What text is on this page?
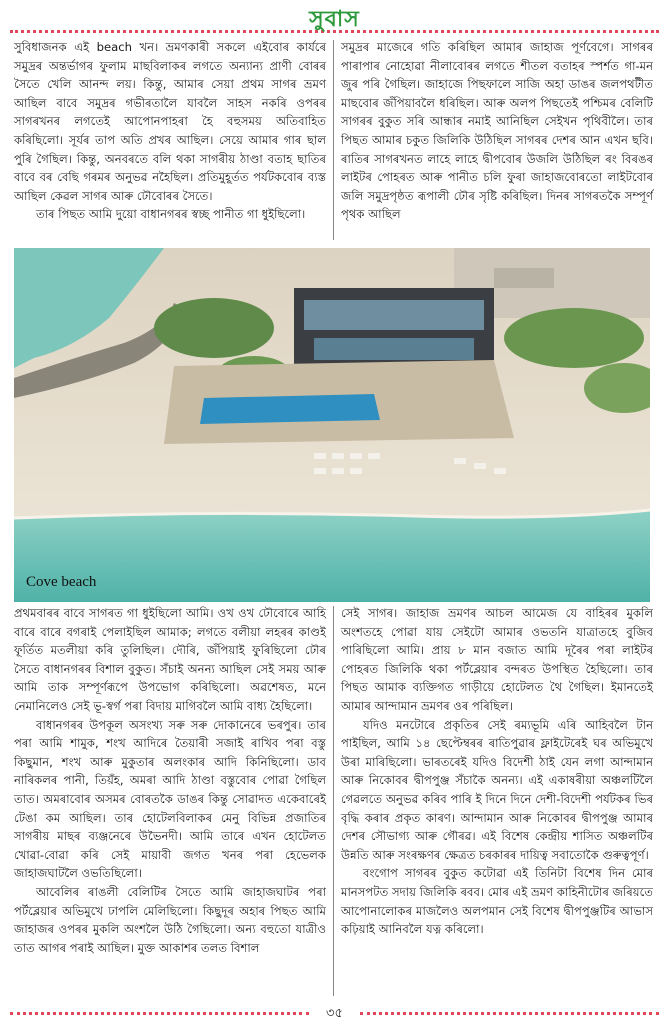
সুবাস

সুবিধাজনক এই beach খন। ভ্ৰমণকাৰী সকলে এইবোৰ কাৰ্যৰে সমুদ্ৰৰ অন্তৰ্ভাগৰ ফুলাম মাছবিলাকৰ লগতে অন্যান্য প্ৰাণী বোৰৰ সৈতে খেলি আনন্দ লয়। কিন্তু, আমাৰ সেয়া প্ৰথম সাগৰ ভ্ৰমণ আছিল বাবে সমুদ্ৰৰ গভীৰতালৈ যাবলৈ সাহস নকৰি ওপৰৰ সাগৰখনৰ লগতেই আপোনপাহৰা হৈ বহুসময় অতিবাহিত কৰিছিলো। সূৰ্যৰ তাপ অতি প্ৰখৰ আছিল। সেয়ে আমাৰ গাৰ ছাল পুৰি গৈছিল। কিন্তু, অনবৰতে বলি থকা সাগৰীয় ঠাণ্ডা বতাহ ছাতিৰ বাবে বৰ বেছি গৰমৰ অনুভৱ নহৈছিল। প্ৰতিমুহূৰ্তত পৰ্যটকবোৰ ব্যস্ত আছিল কেৱল সাগৰ আৰু ঢৌবোৰৰ সৈতে।

তাৰ পিছত আমি দুয়ো বাধানগৰৰ স্বচ্ছ পানীত গা ধুইছিলো।

সমুদ্ৰৰ মাজেৰে গতি কৰিছিল আমাৰ জাহাজ পূৰ্ণবেগে। সাগৰৰ পাৰাপাৰ নোহোৱা নীলাবোৰৰ লগতে শীতল বতাহৰ স্পৰ্শত গা-মন জুৰ পৰি গৈছিল। জাহাজে পিছফালে সাজি অহা ডাঙৰ জলপথটীত মাছবোৰ জঁপিয়াবলৈ ধৰিছিল। আৰু অলপ পিছতেই পশ্চিমৰ বেলিটি সাগৰৰ বুকুত সৰি আন্ধাৰ নমাই আনিছিল সেইখন পৃথিবীলৈ। তাৰ পিছত আমাৰ চকুত জিলিকি উঠিছিল সাগৰৰ দেশৰ আন এখন ছবি। ৰাতিৰ সাগৰখনত লাহে লাহে দ্বীপবোৰ উজলি উঠিছিল ৰং বিৰঙৰ লাইটৰ পোহৰত আৰু পানীত চলি ফুৰা জাহাজবোৰতো লাইটবোৰ জলি সমুদ্ৰপৃষ্ঠত ৰূপালী ঢৌৰ সৃষ্টি কৰিছিল। দিনৰ সাগৰতকৈ সম্পূৰ্ণ পৃথক আছিল

Cove beach

প্ৰথমবাৰৰ বাবে সাগৰত গা ধুইছিলো আমি। ওখ ওখ ঢৌবোৰে আহি বাৰে বাৰে বগৰাই পেলাইছিল আমাক; লগতে বলীয়া লহৰৰ কাণ্ডই ফূৰ্তিত মতলীয়া কৰি তুলিছিল। দৌৰি, জঁপিয়াই ফুৰিছিলো ঢৌৰ সৈতে বাধানগৰৰ বিশাল বুকুত। সঁচাই অনন্য আছিল সেই সময় আৰু আমি তাক সম্পূৰ্ণৰূপে উপভোগ কৰিছিলো। অৱশেষত, মনে নেমানিলেও সেই ভূ-স্বৰ্গ পৰা বিদায় মাগিবলৈ আমি বাধ্য হৈছিলো।

বাধানগৰৰ উপকূল অসংখ্য সৰু সৰু দোকানেৰে ভৰপুৰ। তাৰ পৰা আমি শামুক, শংখ আদিৰে তৈয়াৰী সজাই ৰাখিব পৰা বস্তু কিছুমান, শংখ আৰু মুকুতাৰ অলংকাৰ আদি কিনিছিলো। ডাব নাৰিকলৰ পানী, তিয়ঁহ, অমৰা আদি ঠাণ্ডা বস্তুবোৰ পোৱা গৈছিল তাত। অমৰাবোৰ অসমৰ বোৰতকৈ ডাঙৰ কিন্তু সোৱাদত একেবাৰেই টেঙা কম আছিল। তাৰ হোটেলবিলাকৰ মেনু বিভিন্ন প্ৰজাতিৰ সাগৰীয় মাছৰ ব্যঞ্জনেৰে উভৈনদী। আমি তাৰে এখন হোটেলত খোৱা-বোৱা কৰি সেই মায়াবী জগত খনৰ পৰা হেভেলক জাহাজঘাটলৈ ওভতিছিলো।

আবেলিৰ ৰাঙলী বেলিটিৰ সৈতে আমি জাহাজঘাটৰ পৰা পৰ্টব্লেয়াৰ অভিমুখে ঢাপলি মেলিছিলো। কিছুদূৰ অহাৰ পিছত আমি জাহাজৰ ওপৰৰ মুকলি অংশলৈ উঠি গৈছিলো। অন্য বহুতো যাত্ৰীও তাত আগৰ পৰাই আছিল। মুক্ত আকাশৰ তলত বিশাল

সেই সাগৰ। জাহাজ ভ্ৰমণৰ আচল আমেজ যে বাহিৰৰ মুকলি অংশতহে পোৱা যায় সেইটো আমাৰ ওভতনি যাত্ৰাতহে বুজিব পাৰিছিলো আমি। প্ৰায় ৮ মান বজাত আমি দূৰৈৰ পৰা লাইটৰ পোহৰত জিলিকি থকা পৰ্টব্লেয়াৰ বন্দৰত উপস্থিত হৈছিলো। তাৰ পিছত আমাক ব্যক্তিগত গাড়ীয়ে হোটেলত থৈ গৈছিল। ইমানতেই আমাৰ আন্দামান ভ্ৰমণৰ ওৰ পৰিছিল।

যদিও মনটোৰে প্ৰকৃতিৰ সেই ৰম্যভূমি এৰি আহিবলৈ টান পাইছিল, আমি ১৪ ছেপ্টেম্বৰৰ ৰাতিপুৱাৰ ফ্লাইটেৰেই ঘৰ অভিমুখে উৰা মাৰিছিলো। ভাৰতৰেই যদিও বিদেশী ঠাই যেন লগা আন্দামান আৰু নিকোবৰ দ্বীপপুঞ্জ সঁচাকৈ অনন্য। এই একাষৰীয়া অঞ্চলটিলৈ গেৱলতে অনুভৱ কৰিব পাৰি ই দিনে দিনে দেশী-বিদেশী পৰ্যটকৰ ভিৰ বৃদ্ধি কৰাৰ প্ৰকৃত কাৰণ। আন্দামান আৰু নিকোবৰ দ্বীপপুঞ্জ আমাৰ দেশৰ সৌভাগ্য আৰু গৌৰৱ। এই বিশেষ কেন্দ্ৰীয় শাসিত অঞ্চলটিৰ উন্নতি আৰু সংৰক্ষণৰ ক্ষেত্ৰত চৰকাৰৰ দায়িত্ব সবাতোকৈ গুৰুত্বপূৰ্ণ।

বংগোপ সাগৰৰ বুকুত কটোৱা এই তিনিটা বিশেষ দিন মোৰ মানসপটত সদায় জিলিকি ৰবব। মোৰ এই ভ্ৰমণ কাহিনীটোৰ জৰিয়তে আপোনালোকৰ মাজলৈও অলপমান সেই বিশেষ দ্বীপপুঞ্জটিৰ আভাস কঢ়িয়াই আনিবলৈ যত্ন কৰিলো।

৩৫
